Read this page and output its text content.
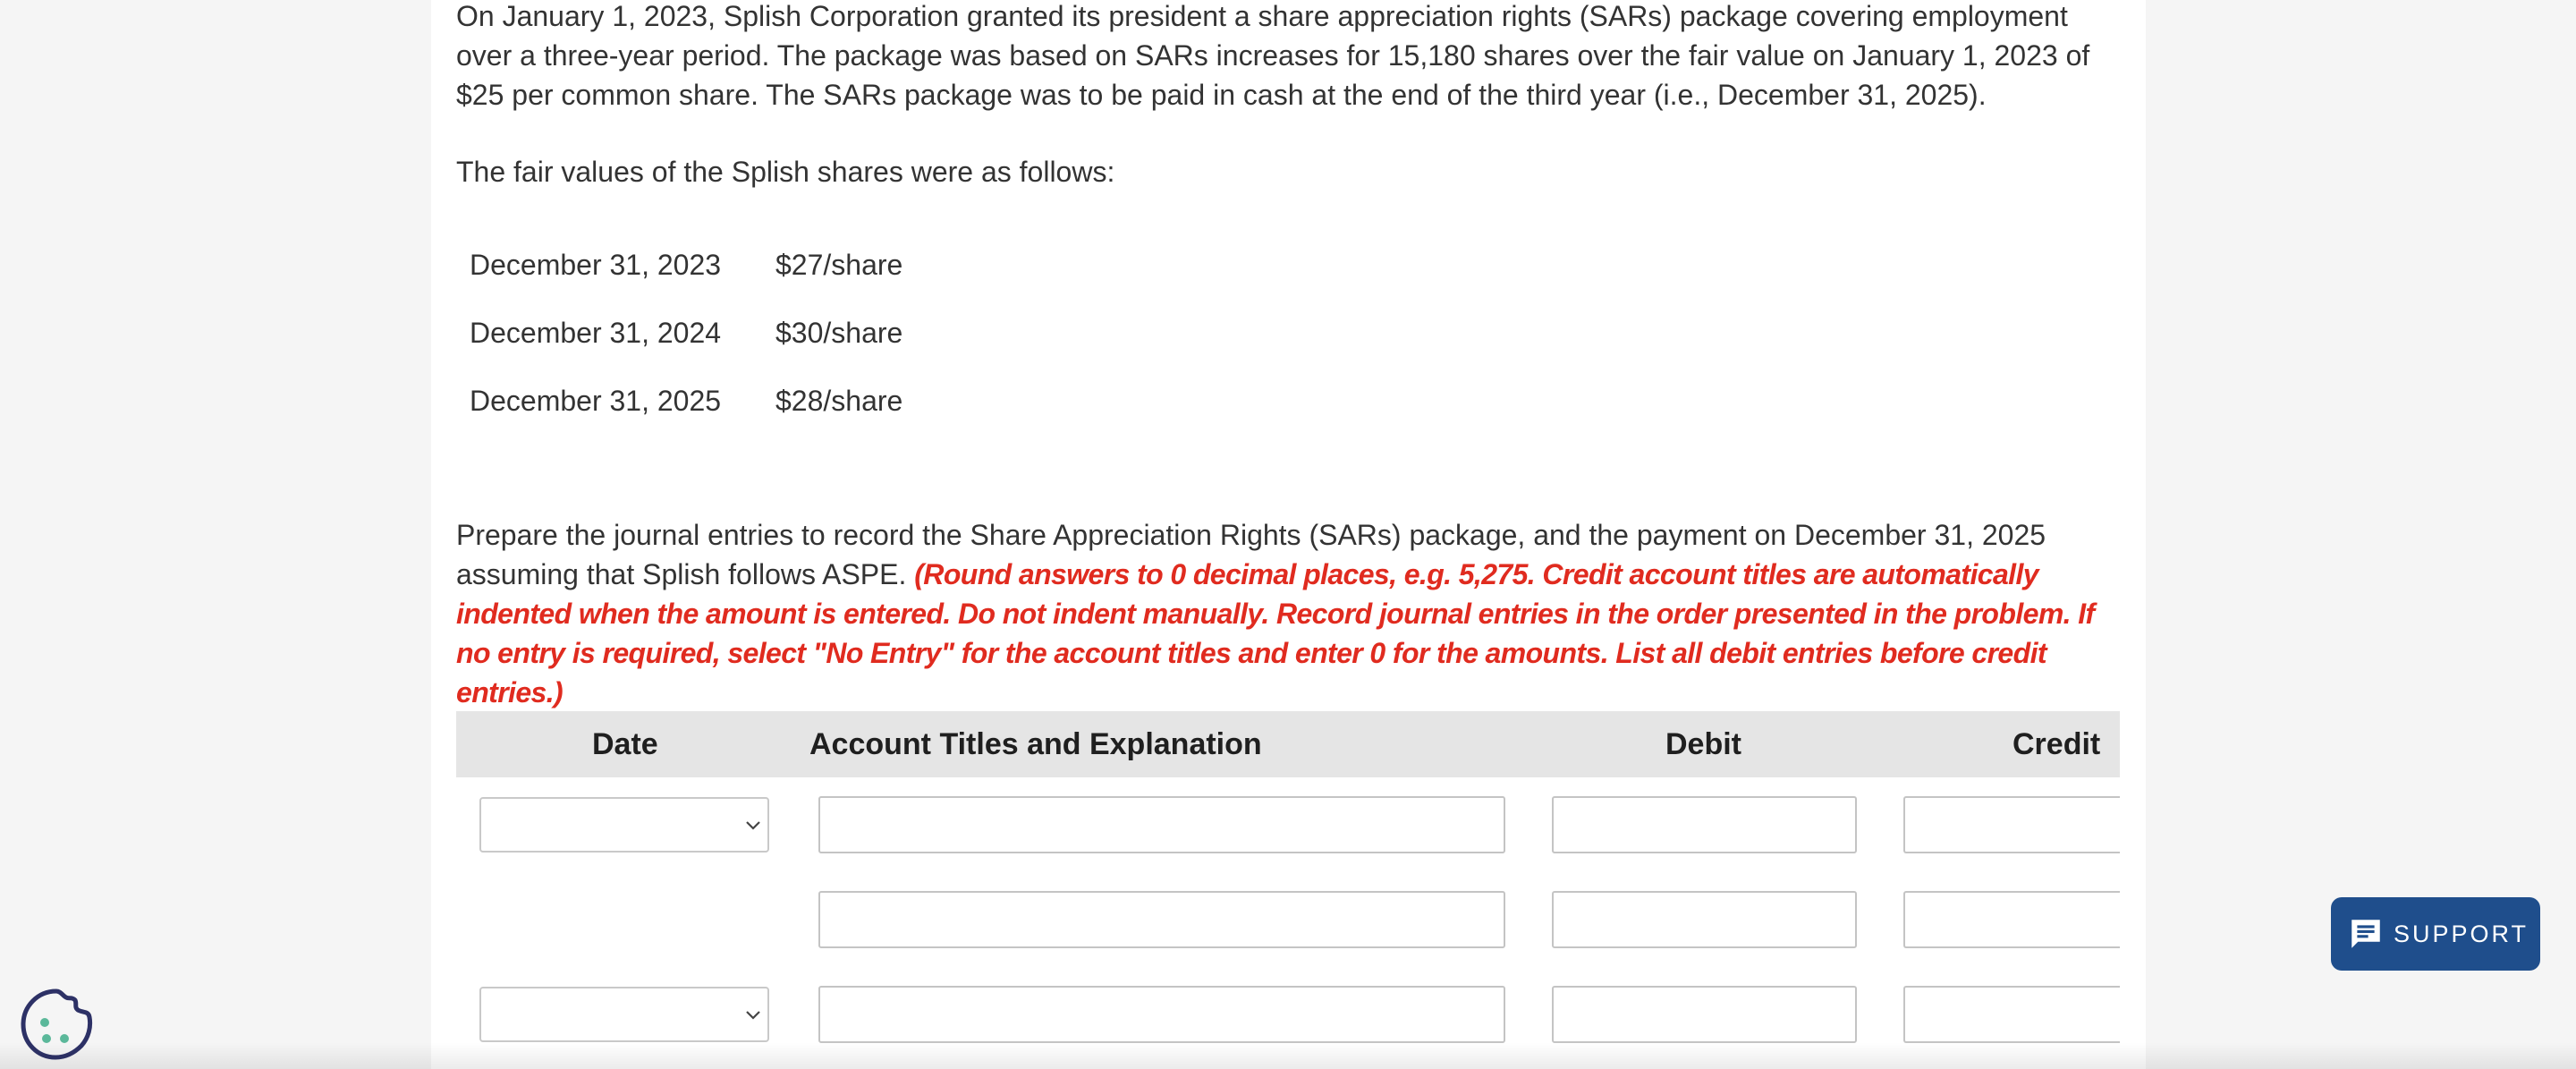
On January 1, 2023, Splish Corporation granted its president a share appreciation rights (SARs) package covering employment over a three-year period. The package was based on SARs increases for 15,180 shares over the fair value on January 1, 2023 of $25 per common share. The SARs package was to be paid in cash at the end of the third year (i.e., December 31, 2025).

The fair values of the Splish shares were as follows:

December 31, 2023 $27/share
December 31, 2024 $30/share
December 31, 2025 $28/share

Prepare the journal entries to record the Share Appreciation Rights (SARs) package, and the payment on December 31, 2025 assuming that Splish follows ASPE. (Round answers to 0 decimal places, e.g. 5,275. Credit account titles are automatically indented when the amount is entered. Do not indent manually. Record journal entries in the order presented in the problem. If no entry is required, select "No Entry" for the account titles and enter 0 for the amounts. List all debit entries before credit entries.)

Date	Account Titles and Explanation	Debit	Credit
SUPPORT
